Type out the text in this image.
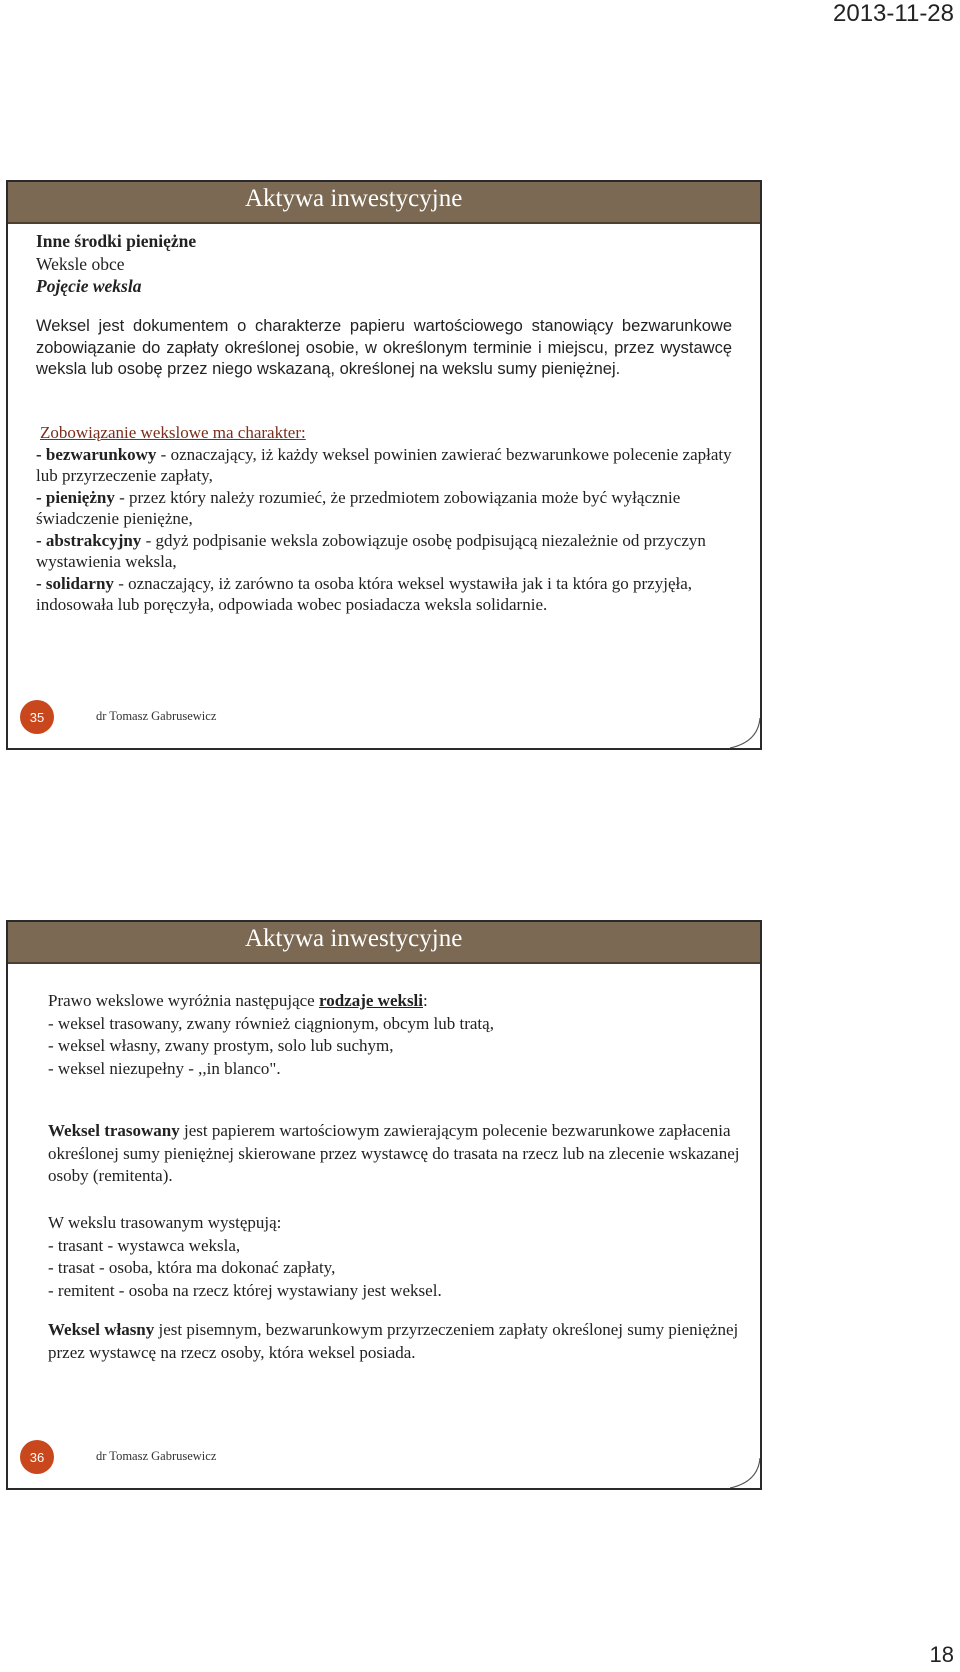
2013-11-28
Aktywa inwestycyjne
Inne środki pieniężne
Weksle obce
Pojęcie weksla
Weksel jest dokumentem o charakterze papieru wartościowego stanowiący bezwarunkowe zobowiązanie do zapłaty określonej osobie, w określonym terminie i miejscu, przez wystawcę weksla lub osobę przez niego wskazaną, określonej na wekslu sumy pieniężnej.
Zobowiązanie wekslowe ma charakter:
- bezwarunkowy - oznaczający, iż każdy weksel powinien zawierać bezwarunkowe polecenie zapłaty lub przyrzeczenie zapłaty,
- pieniężny - przez który należy rozumieć, że przedmiotem zobowiązania może być wyłącznie świadczenie pieniężne,
- abstrakcyjny - gdyż podpisanie weksla zobowiązuje osobę podpisującą niezależnie od przyczyn wystawienia weksla,
- solidarny - oznaczający, iż zarówno ta osoba która weksel wystawiła jak i ta która go przyjęła, indosowała lub poręczyła, odpowiada wobec posiadacza weksla solidarnie.
35	dr Tomasz Gabrusewicz
Aktywa inwestycyjne
Prawo wekslowe wyróżnia następujące rodzaje weksli:
- weksel trasowany, zwany również ciągnionym, obcym lub tratą,
- weksel własny, zwany prostym, solo lub suchym,
- weksel niezupełny - ,,in blanco".
Weksel trasowany jest papierem wartościowym zawierającym polecenie bezwarunkowe zapłacenia określonej sumy pieniężnej skierowane przez wystawcę do trasata na rzecz lub na zlecenie wskazanej osoby (remitenta).
W wekslu trasowanym występują:
- trasant - wystawca weksla,
- trasat - osoba, która ma dokonać zapłaty,
- remitent - osoba na rzecz której wystawiany jest weksel.
Weksel własny jest pisemnym, bezwarunkowym przyrzeczeniem zapłaty określonej sumy pieniężnej przez wystawcę na rzecz osoby, która weksel posiada.
36	dr Tomasz Gabrusewicz
18
